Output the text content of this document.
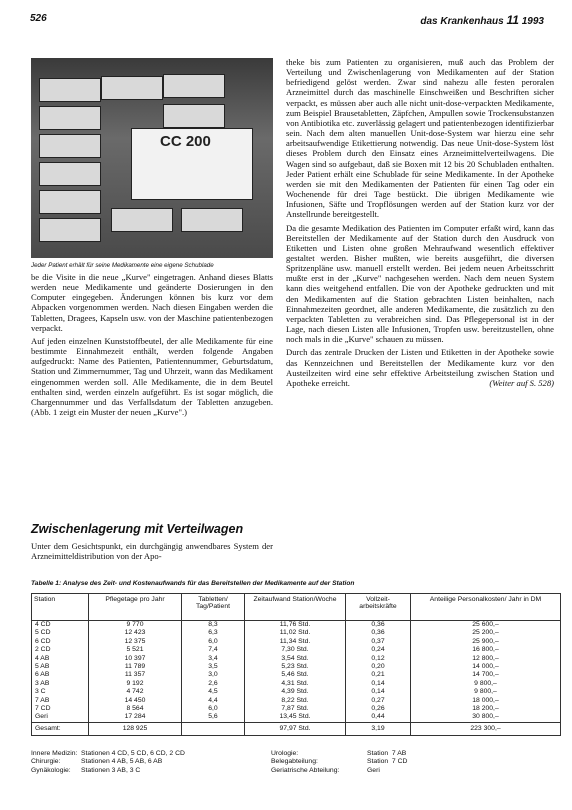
526	das Krankenhaus 11 1993
CC 200
Jeder Patient erhält für seine Medikamente eine eigene Schublade

be die Visite in die neue „Kurve" eingetragen. Anhand dieses Blatts werden neue Medikamente und geänderte Dosierungen in den Computer eingegeben. Änderungen können bis kurz vor dem Abpacken vorgenommen werden. Nach diesen Eingaben werden die Tabletten, Dragees, Kapseln usw. von der Maschine patientenbezogen verpackt.

Auf jeden einzelnen Kunststoffbeutel, der alle Medikamente für eine bestimmte Einnahmezeit enthält, werden folgende Angaben aufgedruckt: Name des Patienten, Patientennummer, Geburtsdatum, Station und Zimmernummer, Tag und Uhrzeit, wann das Medikament eingenommen werden soll. Alle Medikamente, die in dem Beutel enthalten sind, werden einzeln aufgeführt. Es ist sogar möglich, die Chargennummer und das Verfallsdatum der Tabletten anzugeben. (Abb. 1 zeigt ein Muster der neuen „Kurve".)

Zwischenlagerung mit Verteilwagen
Unter dem Gesichtspunkt, ein durchgängig anwendbares System der Arzneimitteldistribution von der Apo-

theke bis zum Patienten zu organisieren, muß auch das Problem der Verteilung und Zwischenlagerung von Medikamenten auf der Station befriedigend gelöst werden. Zwar sind nahezu alle festen peroralen Arzneimittel durch das maschinelle Einschweißen und Beschriften sicher verpackt, es müssen aber auch alle nicht unit-dose-verpackten Medikamente, zum Beispiel Brausetabletten, Zäpfchen, Ampullen sowie Trockensubstanzen von Antibiotika etc. zuverlässig gelagert und patientenbezogen identifizierbar sein. Nach dem alten manuellen Unit-dose-System war hierzu eine sehr arbeitsaufwendige Etikettierung notwendig. Das neue Unit-dose-System löst dieses Problem durch den Einsatz eines Arzneimittelverteilwagens. Die Wagen sind so aufgebaut, daß sie Boxen mit 12 bis 20 Schubladen enthalten. Jeder Patient erhält eine Schublade für seine Medikamente. In der Apotheke werden sie mit den Medikamenten der Patienten für einen Tag oder ein Wochenende für drei Tage bestückt. Die übrigen Medikamente wie Infusionen, Säfte und Tropflösungen werden auf der Station kurz vor der Anstellrunde bereitgestellt.

Da die gesamte Medikation des Patienten im Computer erfaßt wird, kann das Bereitstellen der Medikamente auf der Station durch den Ausdruck von Etiketten und Listen ohne großen Mehraufwand wesentlich effektiver gestaltet werden. Bisher mußten, wie bereits ausgeführt, die diversen Spritzenpläne usw. manuell erstellt werden. Bei jedem neuen Arbeitsschritt mußte erst in der „Kurve" nachgesehen werden. Nach dem neuen System kann dies weitgehend entfallen. Die von der Apotheke gedruckten und mit den Medikamenten auf die Station gebrachten Listen beinhalten, nach Einnahmezeiten geordnet, alle anderen Medikamente, die zusätzlich zu den verpackten Tabletten zu verabreichen sind. Das Pflegepersonal ist in der Lage, nach diesen Listen alle Infusionen, Tropfen usw. bereitzustellen, ohne noch mals in die „Kurve" schauen zu müssen.

Durch das zentrale Drucken der Listen und Etiketten in der Apotheke sowie das Kennzeichnen und Bereitstellen der Medikamente kurz vor den Austeilzeiten wird eine sehr effektive Arbeitsteilung zwischen Station und Apotheke erreicht.	(Weiter auf S. 528)

Tabelle 1: Analyse des Zeit- und Kostenaufwands für das Bereitstellen der Medikamente auf der Station
Station	Pflegetage pro Jahr	Tabletten/ Tag/Patient	Zeitaufwand Station/Woche	Vollzeit-arbeitskräfte	Anteilige Personalkosten/ Jahr in DM
4 CD	9 770	8,3	11,76 Std.	0,36	25 600,–
5 CD	12 423	6,3	11,02 Std.	0,36	25 200,–
6 CD	12 375	6,0	11,34 Std.	0,37	25 900,–
2 CD	5 521	7,4	7,30 Std.	0,24	16 800,–
4 AB	10 397	3,4	3,54 Std.	0,12	12 800,–
5 AB	11 789	3,5	5,23 Std.	0,20	14 000,–
6 AB	11 357	3,0	5,46 Std.	0,21	14 700,–
3 AB	9 192	2,6	4,31 Std.	0,14	9 800,–
3 C	4 742	4,5	4,39 Std.	0,14	9 800,–
7 AB	14 450	4,4	8,22 Std.	0,27	18 000,–
7 CD	8 564	6,0	7,87 Std.	0,26	18 200,–
Geri	17 284	5,6	13,45 Std.	0,44	30 800,–
Gesamt:	128 925		97,97 Std.	3,19	223 300,–
Innere Medizin: Stationen 4 CD, 5 CD, 6 CD, 2 CD
Chirurgie:	Stationen 4 AB, 5 AB, 6 AB
Gynäkologie: Stationen 3 AB, 3 C
Urologie:	Station  7 AB
Belegabteilung:	Station  7 CD
Geriatrische Abteilung:	Geri
